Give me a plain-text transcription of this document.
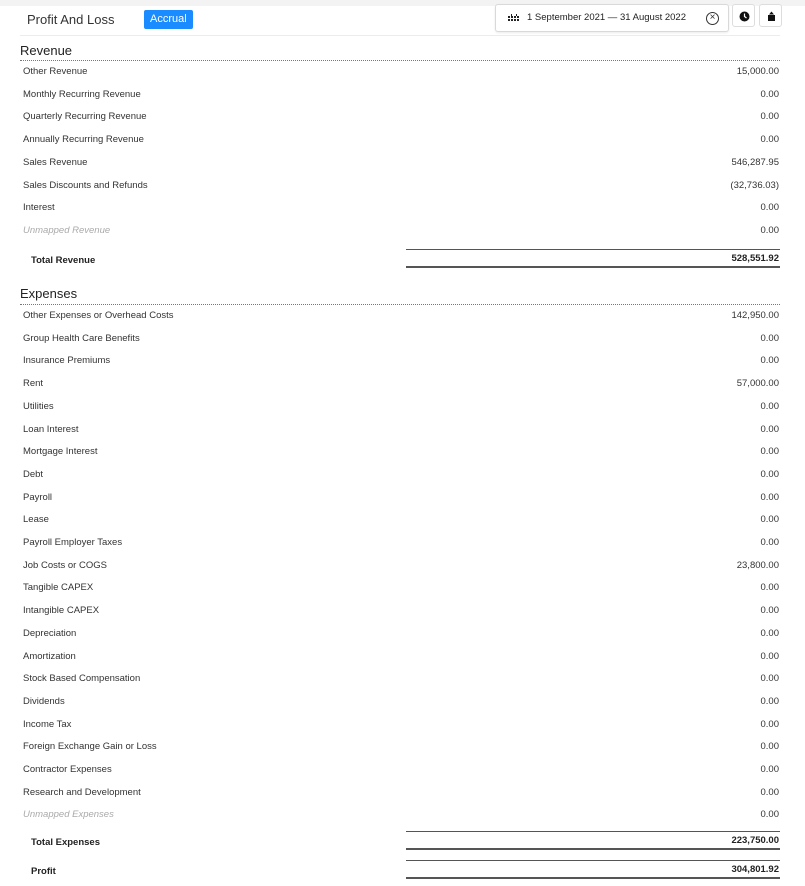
Profit And Loss	Accrual	1 September 2021 — 31 August 2022	×
Revenue
Other Revenue	15,000.00
Monthly Recurring Revenue	0.00
Quarterly Recurring Revenue	0.00
Annually Recurring Revenue	0.00
Sales Revenue	546,287.95
Sales Discounts and Refunds	(32,736.03)
Interest	0.00
Unmapped Revenue	0.00
Total Revenue	528,551.92
Expenses
Other Expenses or Overhead Costs	142,950.00
Group Health Care Benefits	0.00
Insurance Premiums	0.00
Rent	57,000.00
Utilities	0.00
Loan Interest	0.00
Mortgage Interest	0.00
Debt	0.00
Payroll	0.00
Lease	0.00
Payroll Employer Taxes	0.00
Job Costs or COGS	23,800.00
Tangible CAPEX	0.00
Intangible CAPEX	0.00
Depreciation	0.00
Amortization	0.00
Stock Based Compensation	0.00
Dividends	0.00
Income Tax	0.00
Foreign Exchange Gain or Loss	0.00
Contractor Expenses	0.00
Research and Development	0.00
Unmapped Expenses	0.00
Total Expenses	223,750.00
Profit	304,801.92
